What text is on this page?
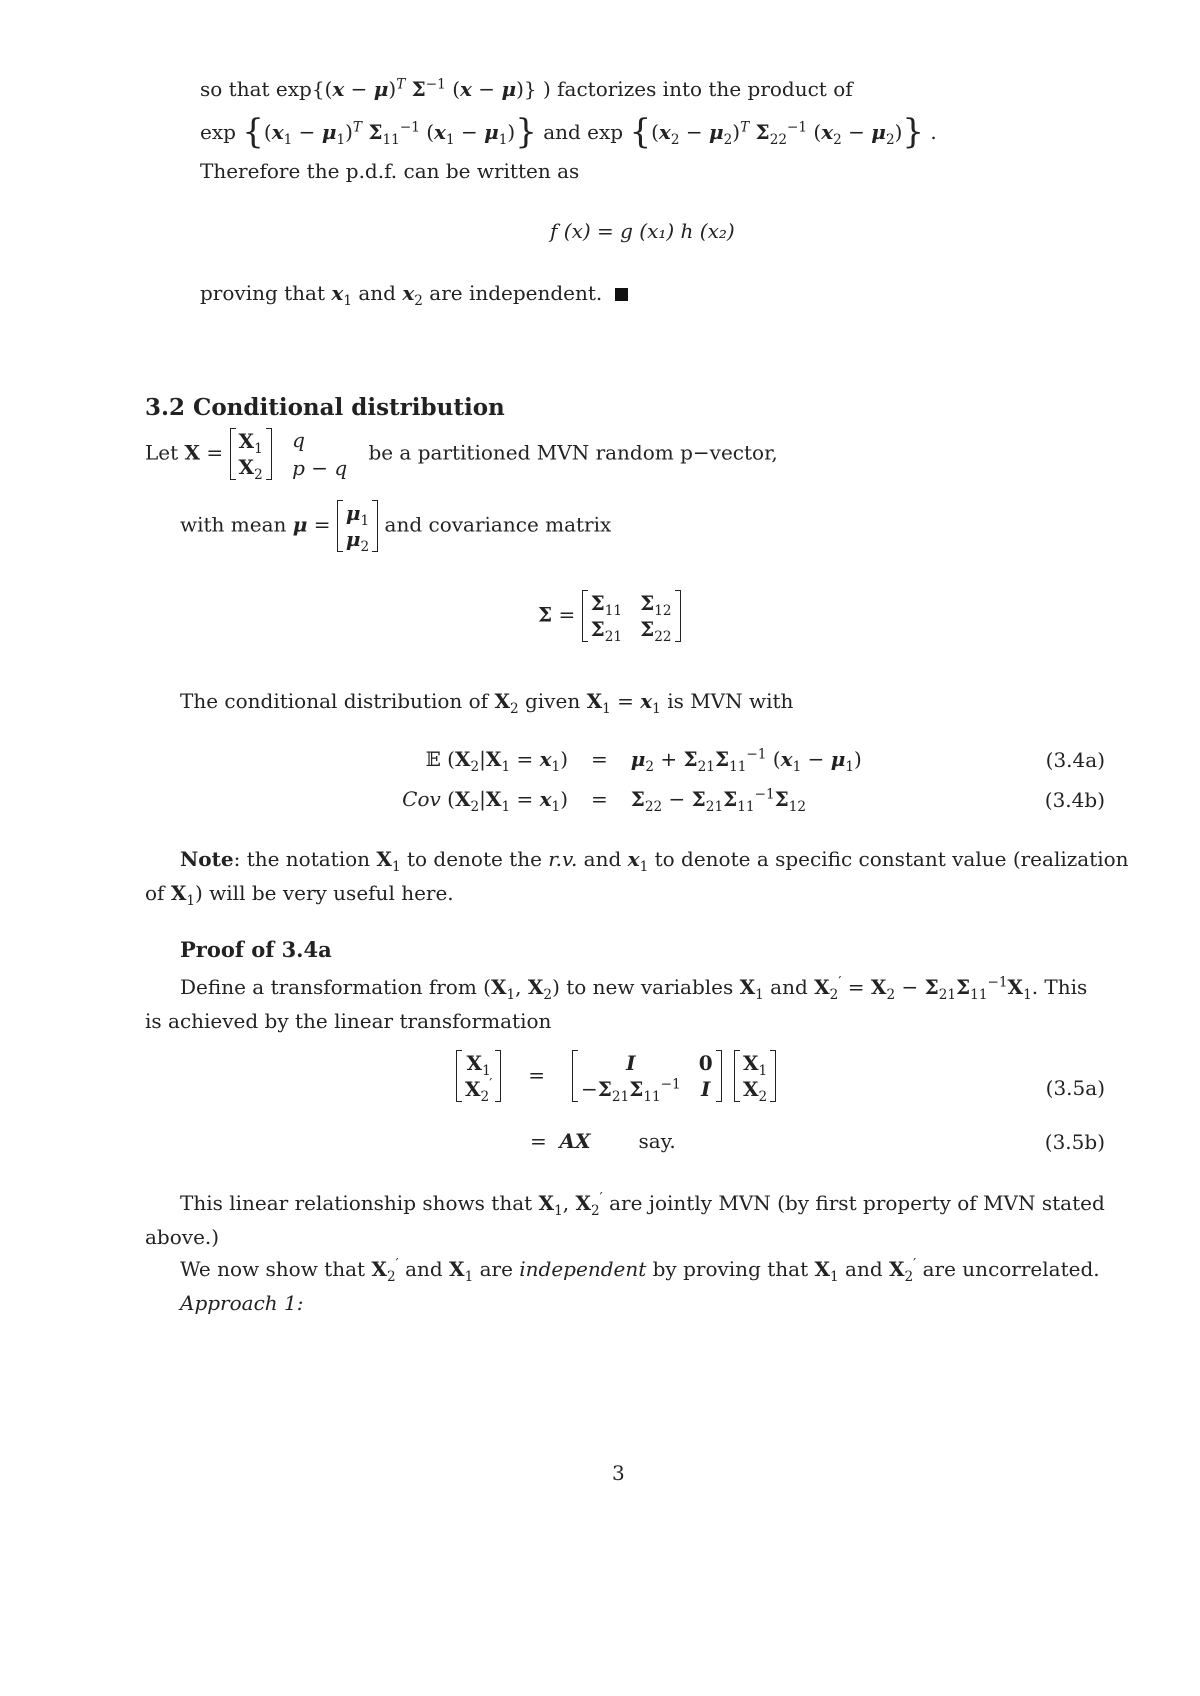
so that $\exp\{(x - \mu)^T$ $\Sigma^{-1}$ (x − μ)} ) factorizes into the product of
$\exp \{(x_1 - \mu_1)^T$ $\Sigma_{11}^{-1}$ $(x_1 - \mu_1)$} and $\exp \{(x_2 - \mu_2)^T$ $\Sigma_{22}^{-1}$ $(x_2 - \mu_2)$} .
Therefore the p.d.f. can be written as
f (x) = g (x₁) h (x₂)
proving that $x_1$ and $x_2$ are independent.
3.2 Conditional distribution
Let $X = X_1$
$X_2$

q
p − q
be a partitioned MVN random p−vector,
with mean $\mu = \mu_1$
$\mu_2$
and covariance matrix
$\Sigma = \Sigma_{11}$ $\Sigma_{12}$
$\Sigma_{21}$ $\Sigma_{22}$
The conditional distribution of $X_2$ given $X_1 = x_1$ is MVN with
𝔼 $(X_2|X_1 = x_1) = \mu_2 + \Sigma_{21}\Sigma_{11}^{-1}$ $(x_1 - \mu_1)$	(3.4a)
Cov $(X_2|X_1 = x_1) = \Sigma_{22} - \Sigma_{21}\Sigma_{11}^{-1}\Sigma_{12}$	(3.4b)
Note: the notation $X_1$ to denote the r.v. and $x_1$ to denote a specific constant value (realization
of $X_1$) will be very useful here.
Proof of 3.4a
Define a transformation from ($X_1$, $X_2$) to new variables $X_1$ and $X_2' = X_2 - \Sigma_{21}\Sigma_{11}^{-1}X_1$. This
is achieved by the linear transformation
$X_1$
$X_2'$ =	I	0
$-\Sigma_{21}\Sigma_{11}^{-1}$ I

$X_1$
$X_2$	(3.5a)
=  AX say.	(3.5b)
This linear relationship shows that $X_1$, $X_2'$ are jointly MVN (by first property of MVN stated
above.)
We now show that $X_2'$ and $X_1$ are independent by proving that $X_1$ and $X_2'$ are uncorrelated.
Approach 1:
3
